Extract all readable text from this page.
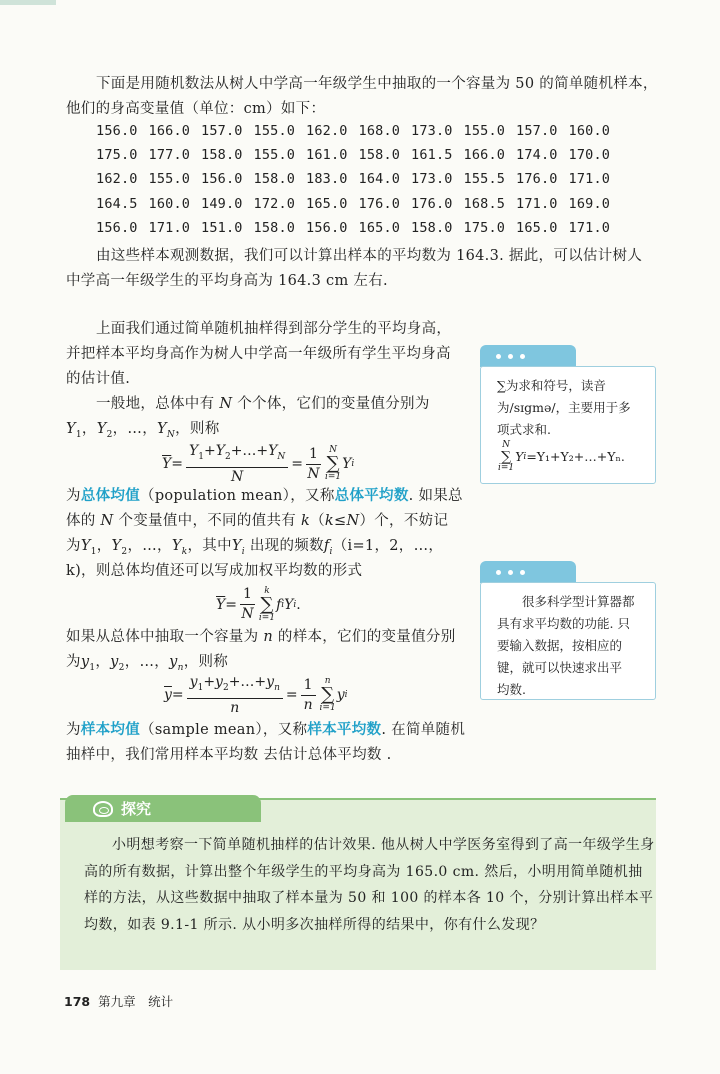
下面是用随机数法从树人中学高一年级学生中抽取的一个容量为 50 的简单随机样本，
他们的身高变量值（单位：cm）如下：
156.0	166.0	157.0	155.0	162.0	168.0	173.0	155.0	157.0	160.0
175.0	177.0	158.0	155.0	161.0	158.0	161.5	166.0	174.0	170.0
162.0	155.0	156.0	158.0	183.0	164.0	173.0	155.5	176.0	171.0
164.5	160.0	149.0	172.0	165.0	176.0	176.0	168.5	171.0	169.0
156.0	171.0	151.0	158.0	156.0	165.0	158.0	175.0	165.0	171.0
由这些样本观测数据，我们可以计算出样本的平均数为 164.3. 据此，可以估计树人
中学高一年级学生的平均身高为 164.3 cm 左右.
上面我们通过简单随机抽样得到部分学生的平均身高，
并把样本平均身高作为树人中学高一年级所有学生平均身高
的估计值.
一般地，总体中有 N 个个体，它们的变量值分别为
$Y_1$，$Y_2$，…，$Y_N$，则称
$\overline{Y} = \frac{Y_1+Y_2+\dots+Y_N}{N} = \frac{1}{N}$ N
∑
i=1
Y i
为总体均值（population mean），又称总体平均数. 如果总
体的 N 个变量值中，不同的值共有 k（k≤N）个，不妨记
为$Y_1$，$Y_2$，…，$Y_k$，其中$Y_i$ 出现的频数$f_i(i=1$，2，…，
k)，则总体均值还可以写成加权平均数的形式
$\overline{Y} = \frac{1}{N}$ k
∑
i=1
f i Y i .
如果从总体中抽取一个容量为 n 的样本，它们的变量值分别
为$y_1$，$y_2$，…，$y_n$，则称
$\overline{y} = \frac{y_1+y_2+\dots+y_n}{n} = \frac{1}{n}$ n
∑
i=1
y i
为样本均值（sample mean），又称样本平均数. 在简单随机
抽样中，我们常用样本平均数 去估计总体平均数 .
∑为求和符号，读音
为/sɪgmə/，主要用于多
项式求和.
N
∑
i=1
Y i =Y₁+Y₂+…+Yₙ.
很多科学型计算器都
具有求平均数的功能. 只
要输入数据，按相应的
键，就可以快速求出平
均数.
探究
小明想考察一下简单随机抽样的估计效果. 他从树人中学医务室得到了高一年级学生身高的所有数据，计算出整个年级学生的平均身高为 165.0 cm. 然后，小明用简单随机抽样的方法，从这些数据中抽取了样本量为 50 和 100 的样本各 10 个，分别计算出样本平均数，如表 9.1-1 所示. 从小明多次抽样所得的结果中，你有什么发现？
178 第九章　统计
